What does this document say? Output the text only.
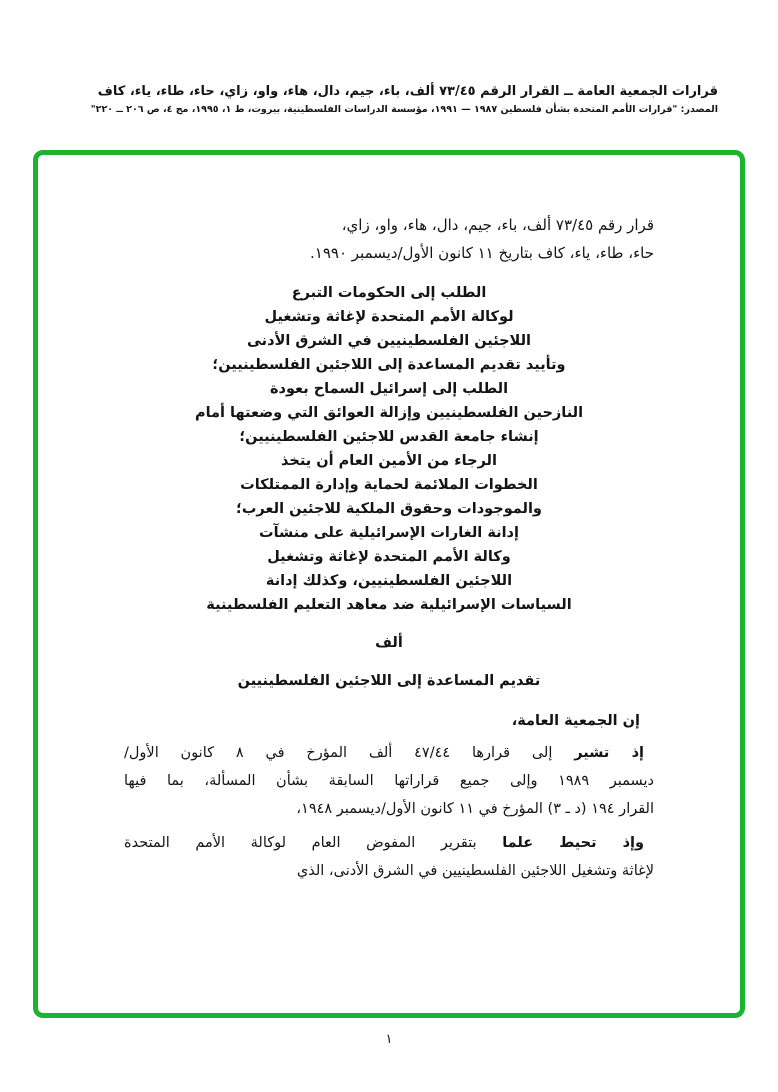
قرارات الجمعية العامة ــ القرار الرقم ٧٣/٤٥ ألف، باء، جيم، دال، هاء، واو، زاي، حاء، طاء، ياء، كاف
المصدر: "قرارات الأمم المتحدة بشأن فلسطين ١٩٨٧ — ١٩٩١، مؤسسة الدراسات الفلسطينية، بيروت، ط ١، ١٩٩٥، مج ٤، ص ٢٠٦ ــ ٢٢٠"
قرار رقم ٧٣/٤٥ ألف، باء، جيم، دال، هاء، واو، زاي،
حاء، طاء، ياء، كاف بتاريخ ١١ كانون الأول/ديسمبر ١٩٩٠.
الطلب إلى الحكومات التبرع
لوكالة الأمم المتحدة لإغاثة وتشغيل
اللاجئين الفلسطينيين في الشرق الأدنى
وتأييد تقديم المساعدة إلى اللاجئين الفلسطينيين؛
الطلب إلى إسرائيل السماح بعودة
النازحين الفلسطينيين وإزالة العوائق التي وضعتها أمام
إنشاء جامعة القدس للاجئين الفلسطينيين؛
الرجاء من الأمين العام أن يتخذ
الخطوات الملائمة لحماية وإدارة الممتلكات
والموجودات وحقوق الملكية للاجئين العرب؛
إدانة الغارات الإسرائيلية على منشآت
وكالة الأمم المتحدة لإغاثة وتشغيل
اللاجئين الفلسطينيين، وكذلك إدانة
السياسات الإسرائيلية ضد معاهد التعليم الفلسطينية
ألف
تقديم المساعدة إلى اللاجئين الفلسطينيين
إن الجمعية العامة،
إذ تشير إلى قرارها ٤٧/٤٤ ألف المؤرخ في ٨ كانون الأول/
ديسمبر ١٩٨٩ وإلى جميع قراراتها السابقة بشأن المسألة، بما فيها
القرار ١٩٤ (د ـ ٣) المؤرخ في ١١ كانون الأول/ديسمبر ١٩٤٨،
وإذ تحيط علما بتقرير المفوض العام لوكالة الأمم المتحدة
لإغاثة وتشغيل اللاجئين الفلسطينيين في الشرق الأدنى، الذي
١
